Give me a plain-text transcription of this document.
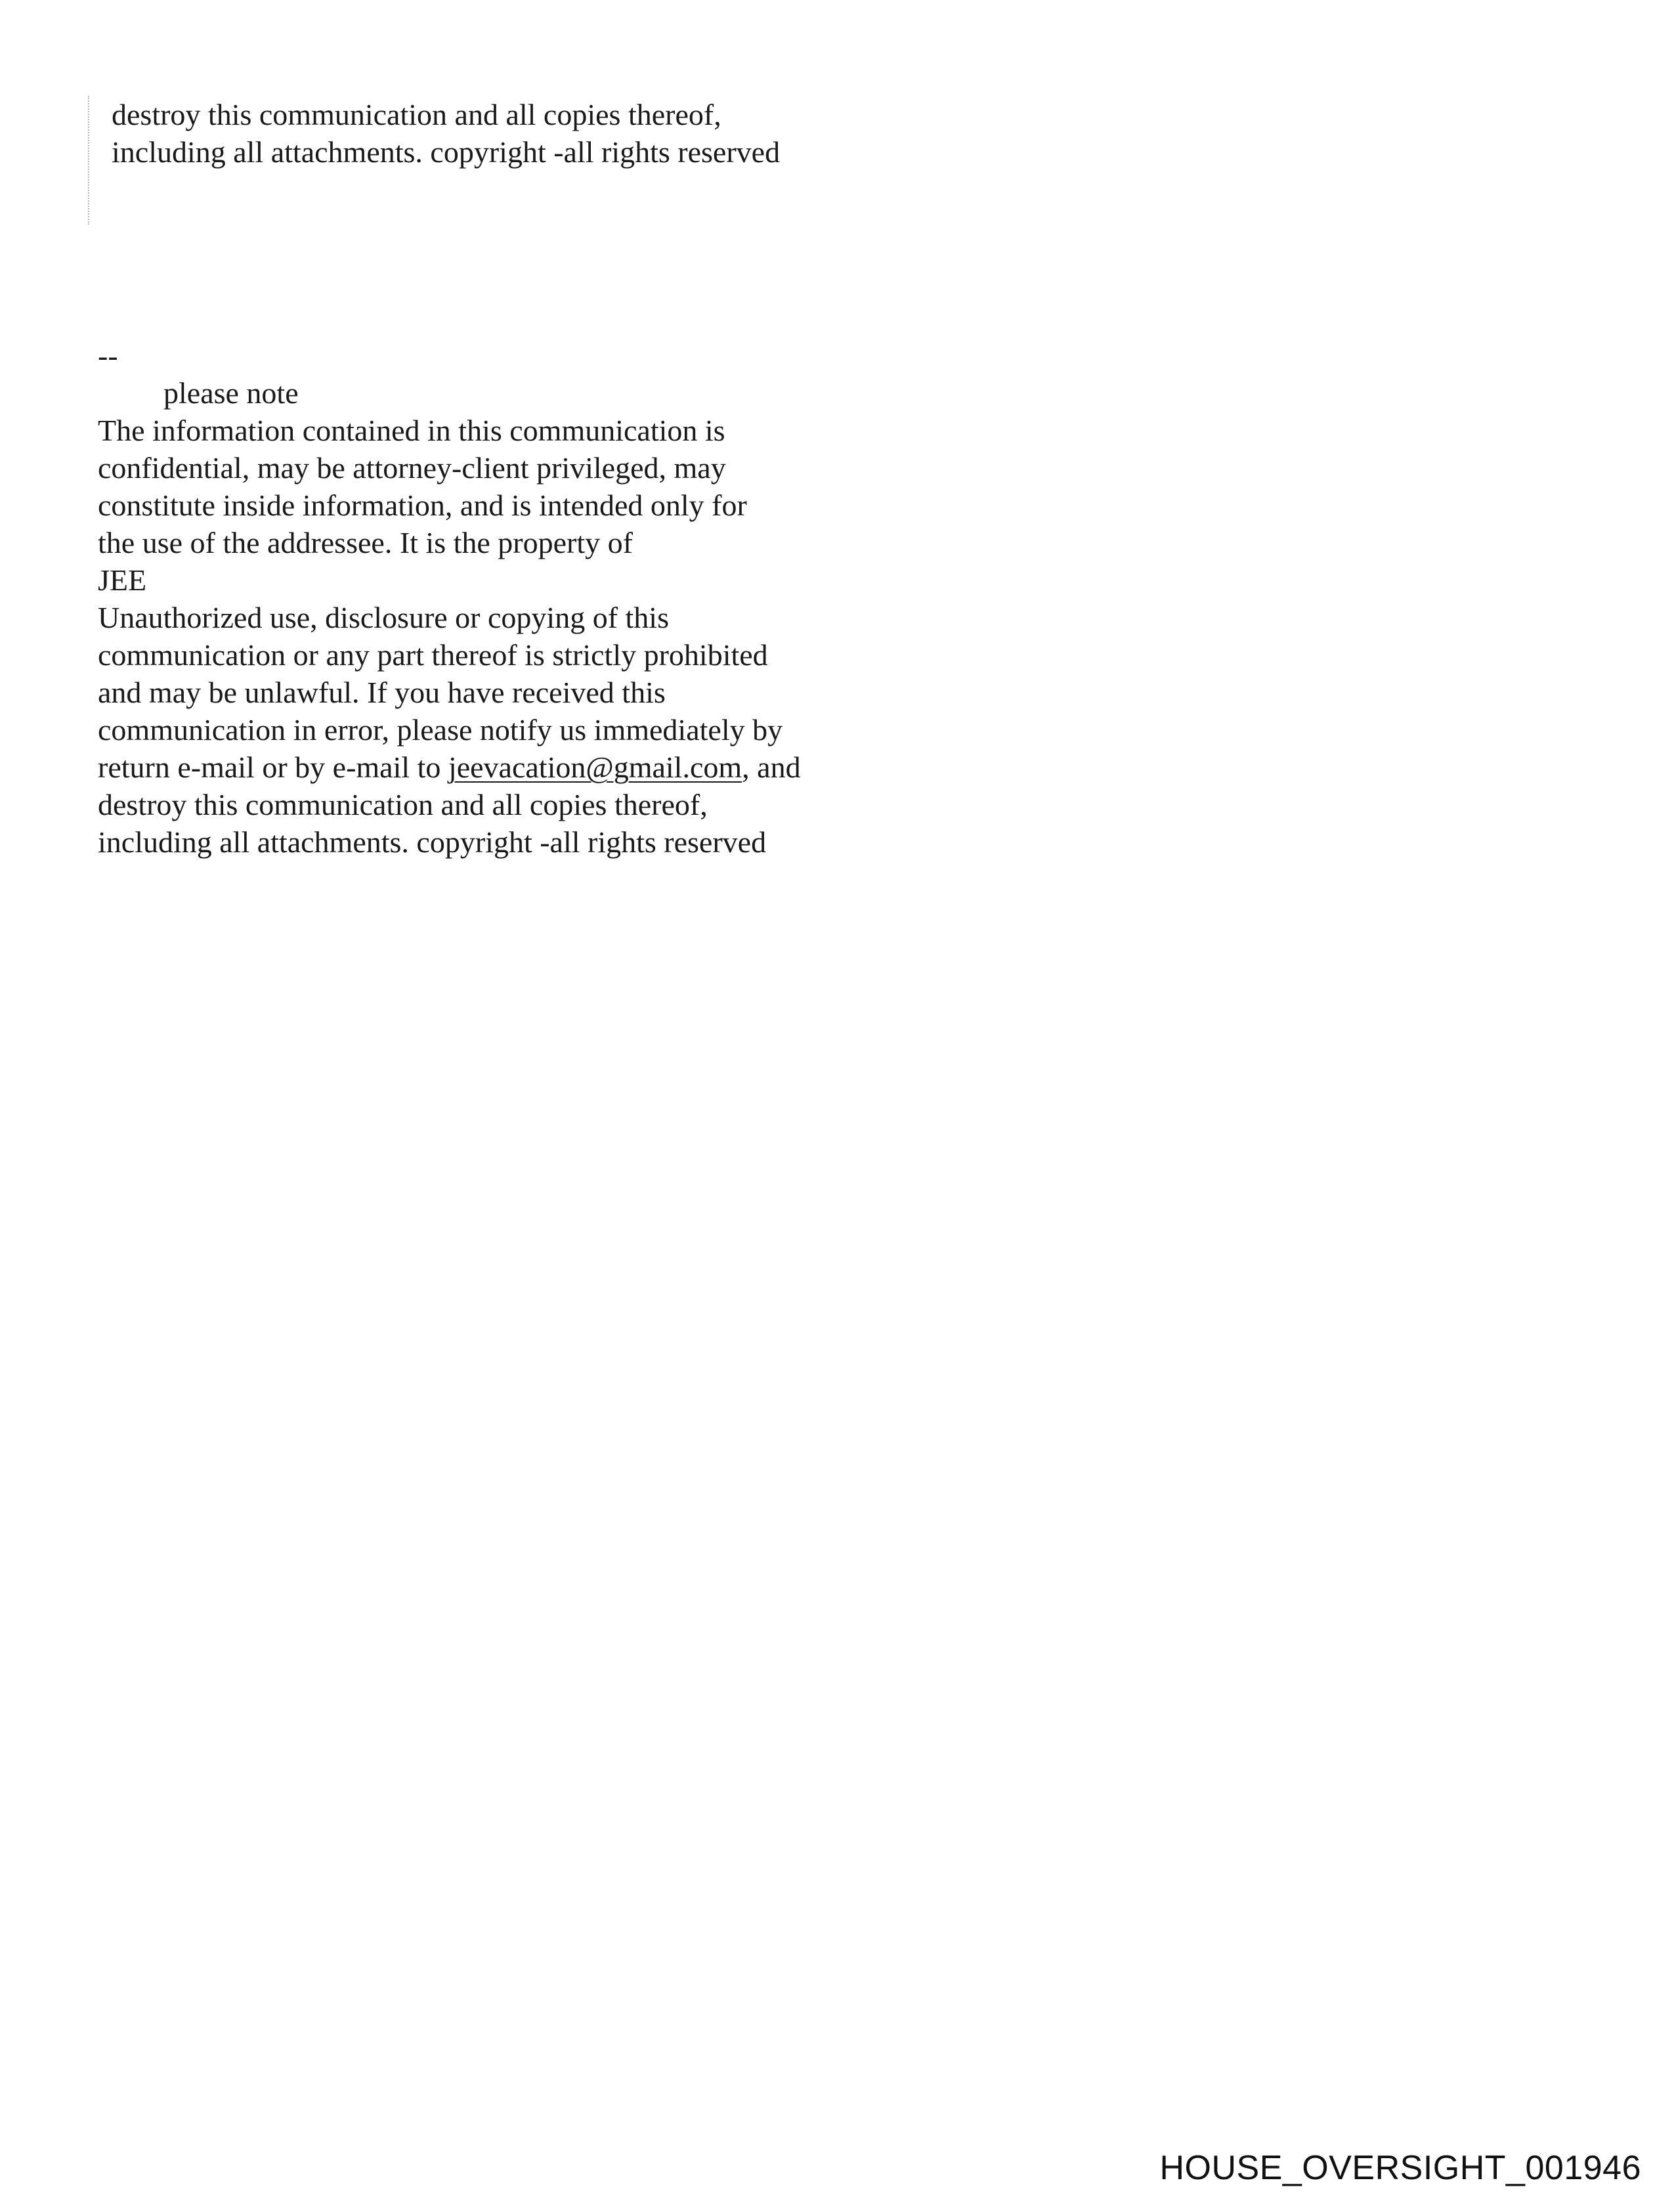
destroy this communication and all copies thereof,

including all attachments. copyright -all rights reserved

--

please note

The information contained in this communication is

confidential, may be attorney-client privileged, may

constitute inside information, and is intended only for

the use of the addressee. It is the property of

JEE

Unauthorized use, disclosure or copying of this

communication or any part thereof is strictly prohibited

and may be unlawful. If you have received this

communication in error, please notify us immediately by

return e-mail or by e-mail to jeevacation@gmail.com, and

destroy this communication and all copies thereof,

including all attachments. copyright -all rights reserved

HOUSE_OVERSIGHT_001946
